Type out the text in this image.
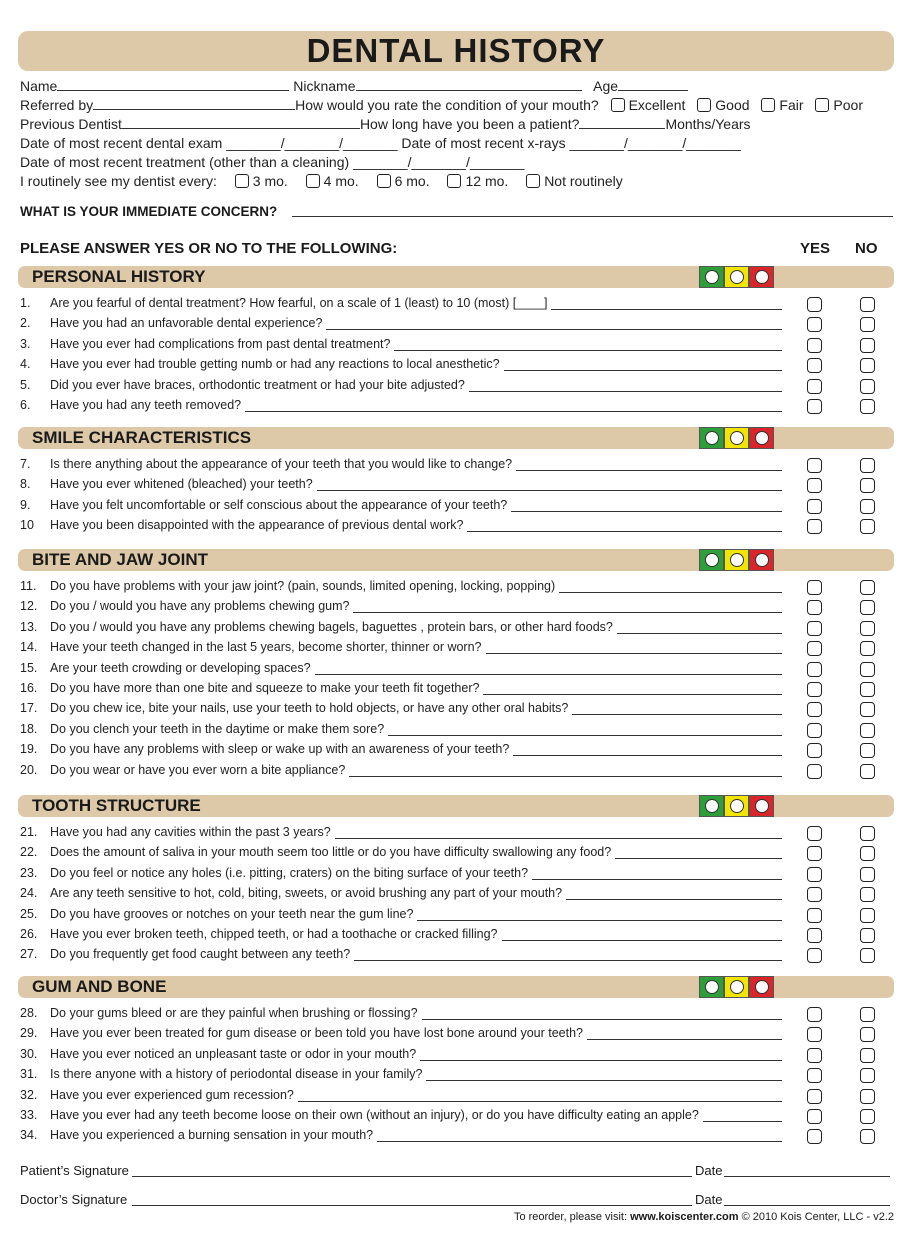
DENTAL HISTORY
Name	Nickname	Age
Referred by	How would you rate the condition of your mouth? Excellent Good Fair Poor
Previous Dentist	How long have you been a patient?	Months/Years
Date of most recent dental exam _______/_______/_______ Date of most recent x-rays _______/_______/_______
Date of most recent treatment (other than a cleaning) _______/_______/_______
I routinely see my dentist every:	3 mo.	4 mo.	6 mo.	12 mo.	Not routinely
WHAT IS YOUR IMMEDIATE CONCERN?
PLEASE ANSWER YES OR NO TO THE FOLLOWING:	YES NO
PERSONAL HISTORY
1.	Are you fearful of dental treatment? How fearful, on a scale of 1 (least) to 10 (most) [____]
2.	Have you had an unfavorable dental experience?
3.	Have you ever had complications from past dental treatment?
4.	Have you ever had trouble getting numb or had any reactions to local anesthetic?
5.	Did you ever have braces, orthodontic treatment or had your bite adjusted?
6.	Have you had any teeth removed?
SMILE CHARACTERISTICS
7.	Is there anything about the appearance of your teeth that you would like to change?
8.	Have you ever whitened (bleached) your teeth?
9.	Have you felt uncomfortable or self conscious about the appearance of your teeth?
10	Have you been disappointed with the appearance of previous dental work?
BITE AND JAW JOINT
11.	Do you have problems with your jaw joint? (pain, sounds, limited opening, locking, popping)
12.	Do you / would you have any problems chewing gum?
13.	Do you / would you have any problems chewing bagels, baguettes , protein bars, or other hard foods?
14.	Have your teeth changed in the last 5 years, become shorter, thinner or worn?
15.	Are your teeth crowding or developing spaces?
16.	Do you have more than one bite and squeeze to make your teeth fit together?
17.	Do you chew ice, bite your nails, use your teeth to hold objects, or have any other oral habits?
18.	Do you clench your teeth in the daytime or make them sore?
19.	Do you have any problems with sleep or wake up with an awareness of your teeth?
20.	Do you wear or have you ever worn a bite appliance?
TOOTH STRUCTURE
21.	Have you had any cavities within the past 3 years?
22.	Does the amount of saliva in your mouth seem too little or do you have difficulty swallowing any food?
23.	Do you feel or notice any holes (i.e. pitting, craters) on the biting surface of your teeth?
24.	Are any teeth sensitive to hot, cold, biting, sweets, or avoid brushing any part of your mouth?
25.	Do you have grooves or notches on your teeth near the gum line?
26.	Have you ever broken teeth, chipped teeth, or had a toothache or cracked filling?
27.	Do you frequently get food caught between any teeth?
GUM AND BONE
28.	Do your gums bleed or are they painful when brushing or flossing?
29.	Have you ever been treated for gum disease or been told you have lost bone around your teeth?
30.	Have you ever noticed an unpleasant taste or odor in your mouth?
31.	Is there anyone with a history of periodontal disease in your family?
32.	Have you ever experienced gum recession?
33.	Have you ever had any teeth become loose on their own (without an injury), or do you have difficulty eating an apple?
34.	Have you experienced a burning sensation in your mouth?
Patient’s Signature	Date
Doctor’s Signature	Date
To reorder, please visit: www.koiscenter.com © 2010 Kois Center, LLC - v2.2
